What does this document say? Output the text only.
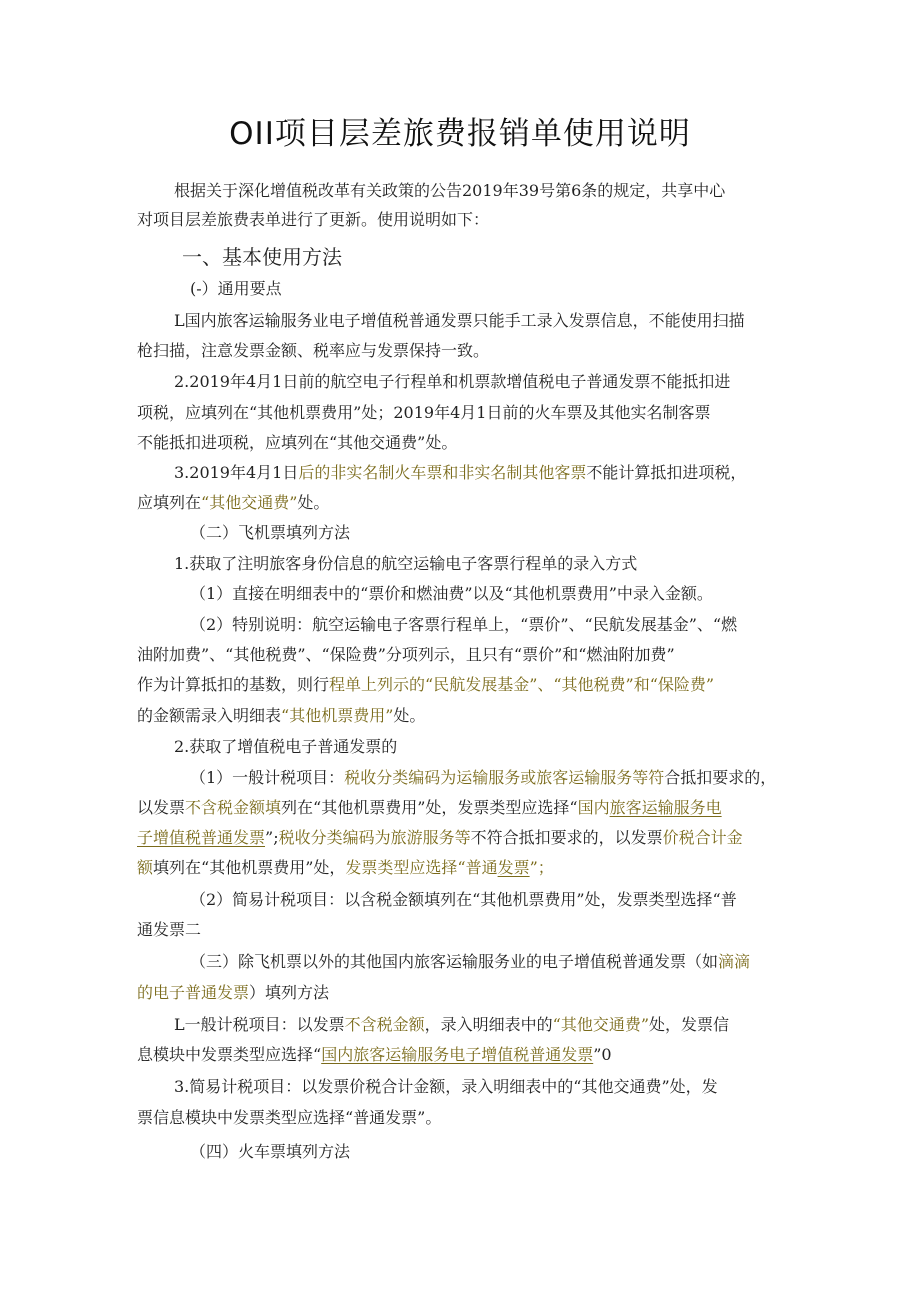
OII项目层差旅费报销单使用说明
根据关于深化增值税改革有关政策的公告2019年39号第6条的规定，共享中心
对项目层差旅费表单进行了更新。使用说明如下：
一、基本使用方法
(-）通用要点
L国内旅客运输服务业电子增值税普通发票只能手工录入发票信息，不能使用扫描
枪扫描，注意发票金额、税率应与发票保持一致。
2.2019年4月1日前的航空电子行程单和机票款增值税电子普通发票不能抵扣进
项税，应填列在“其他机票费用”处；2019年4月1日前的火车票及其他实名制客票
不能抵扣进项税，应填列在“其他交通费”处。
3.2019年4月1日后的非实名制火车票和非实名制其他客票不能计算抵扣进项税，
应填列在“其他交通费”处。
（二）飞机票填列方法
1.获取了注明旅客身份信息的航空运输电子客票行程单的录入方式
（1）直接在明细表中的“票价和燃油费”以及“其他机票费用”中录入金额。
（2）特别说明：航空运输电子客票行程单上，“票价”、“民航发展基金”、“燃
油附加费”、“其他税费”、“保险费”分项列示，且只有“票价”和“燃油附加费”
作为计算抵扣的基数，则行程单上列示的“民航发展基金”、“其他税费”和“保险费”
的金额需录入明细表“其他机票费用”处。
2.获取了增值税电子普通发票的
（1）一般计税项目：税收分类编码为运输服务或旅客运输服务等符合抵扣要求的，
以发票不含税金额填列在“其他机票费用”处，发票类型应选择“国内旅客运输服务电
子增值税普通发票”;税收分类编码为旅游服务等不符合抵扣要求的，以发票价税合计金
额填列在“其他机票费用”处，发票类型应选择“普通发票”；
（2）简易计税项目：以含税金额填列在“其他机票费用”处，发票类型选择“普
通发票二
（三）除飞机票以外的其他国内旅客运输服务业的电子增值税普通发票（如滴滴
的电子普通发票）填列方法
L一般计税项目：以发票不含税金额，录入明细表中的“其他交通费”处，发票信
息模块中发票类型应选择“国内旅客运输服务电子增值税普通发票”0
3.简易计税项目：以发票价税合计金额，录入明细表中的“其他交通费”处，发
票信息模块中发票类型应选择“普通发票”。
（四）火车票填列方法
